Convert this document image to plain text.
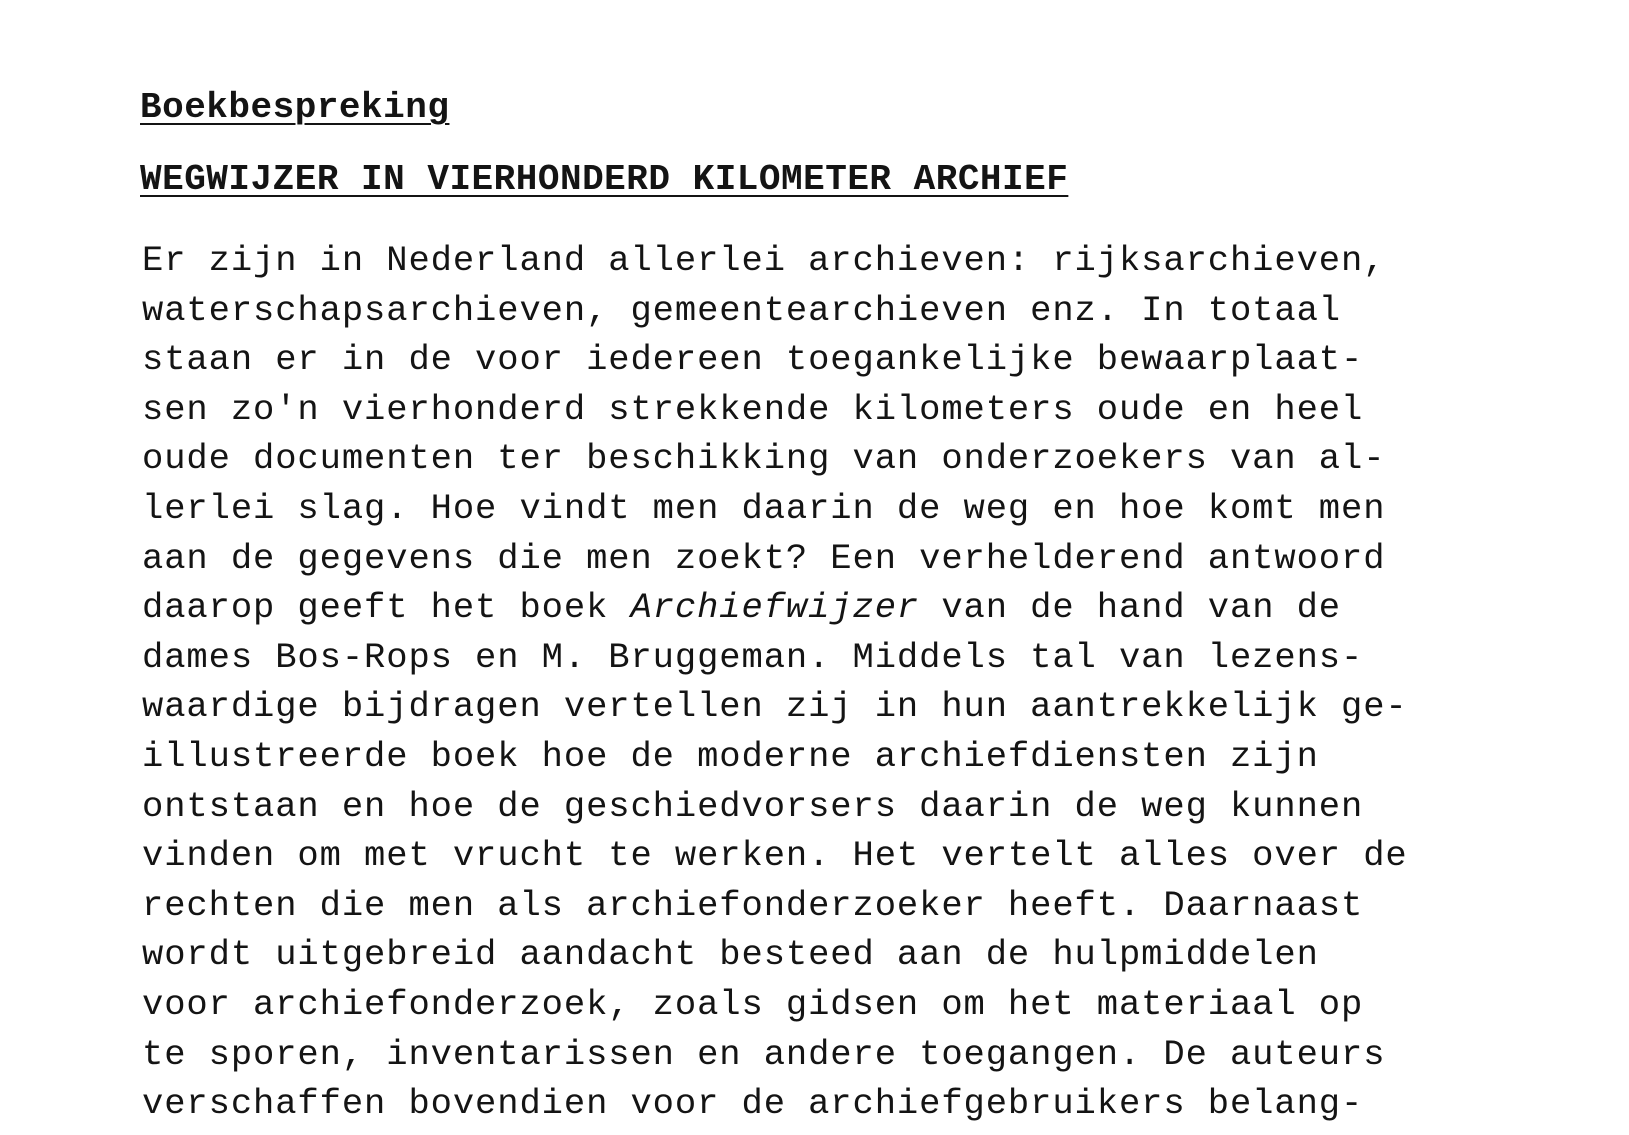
Boekbespreking
WEGWIJZER IN VIERHONDERD KILOMETER ARCHIEF
Er zijn in Nederland allerlei archieven: rijksarchieven,
waterschapsarchieven, gemeentearchieven enz. In totaal
staan er in de voor iedereen toegankelijke bewaarplaat-
sen zo'n vierhonderd strekkende kilometers oude en heel
oude documenten ter beschikking van onderzoekers van al-
lerlei slag. Hoe vindt men daarin de weg en hoe komt men
aan de gegevens die men zoekt? Een verhelderend antwoord
daarop geeft het boek Archiefwijzer van de hand van de
dames Bos-Rops en M. Bruggeman. Middels tal van lezens-
waardige bijdragen vertellen zij in hun aantrekkelijk ge-
illustreerde boek hoe de moderne archiefdiensten zijn
ontstaan en hoe de geschiedvorsers daarin de weg kunnen
vinden om met vrucht te werken. Het vertelt alles over de
rechten die men als archiefonderzoeker heeft. Daarnaast
wordt uitgebreid aandacht besteed aan de hulpmiddelen
voor archiefonderzoek, zoals gidsen om het materiaal op
te sporen, inventarissen en andere toegangen. De auteurs
verschaffen bovendien voor de archiefgebruikers belang-
